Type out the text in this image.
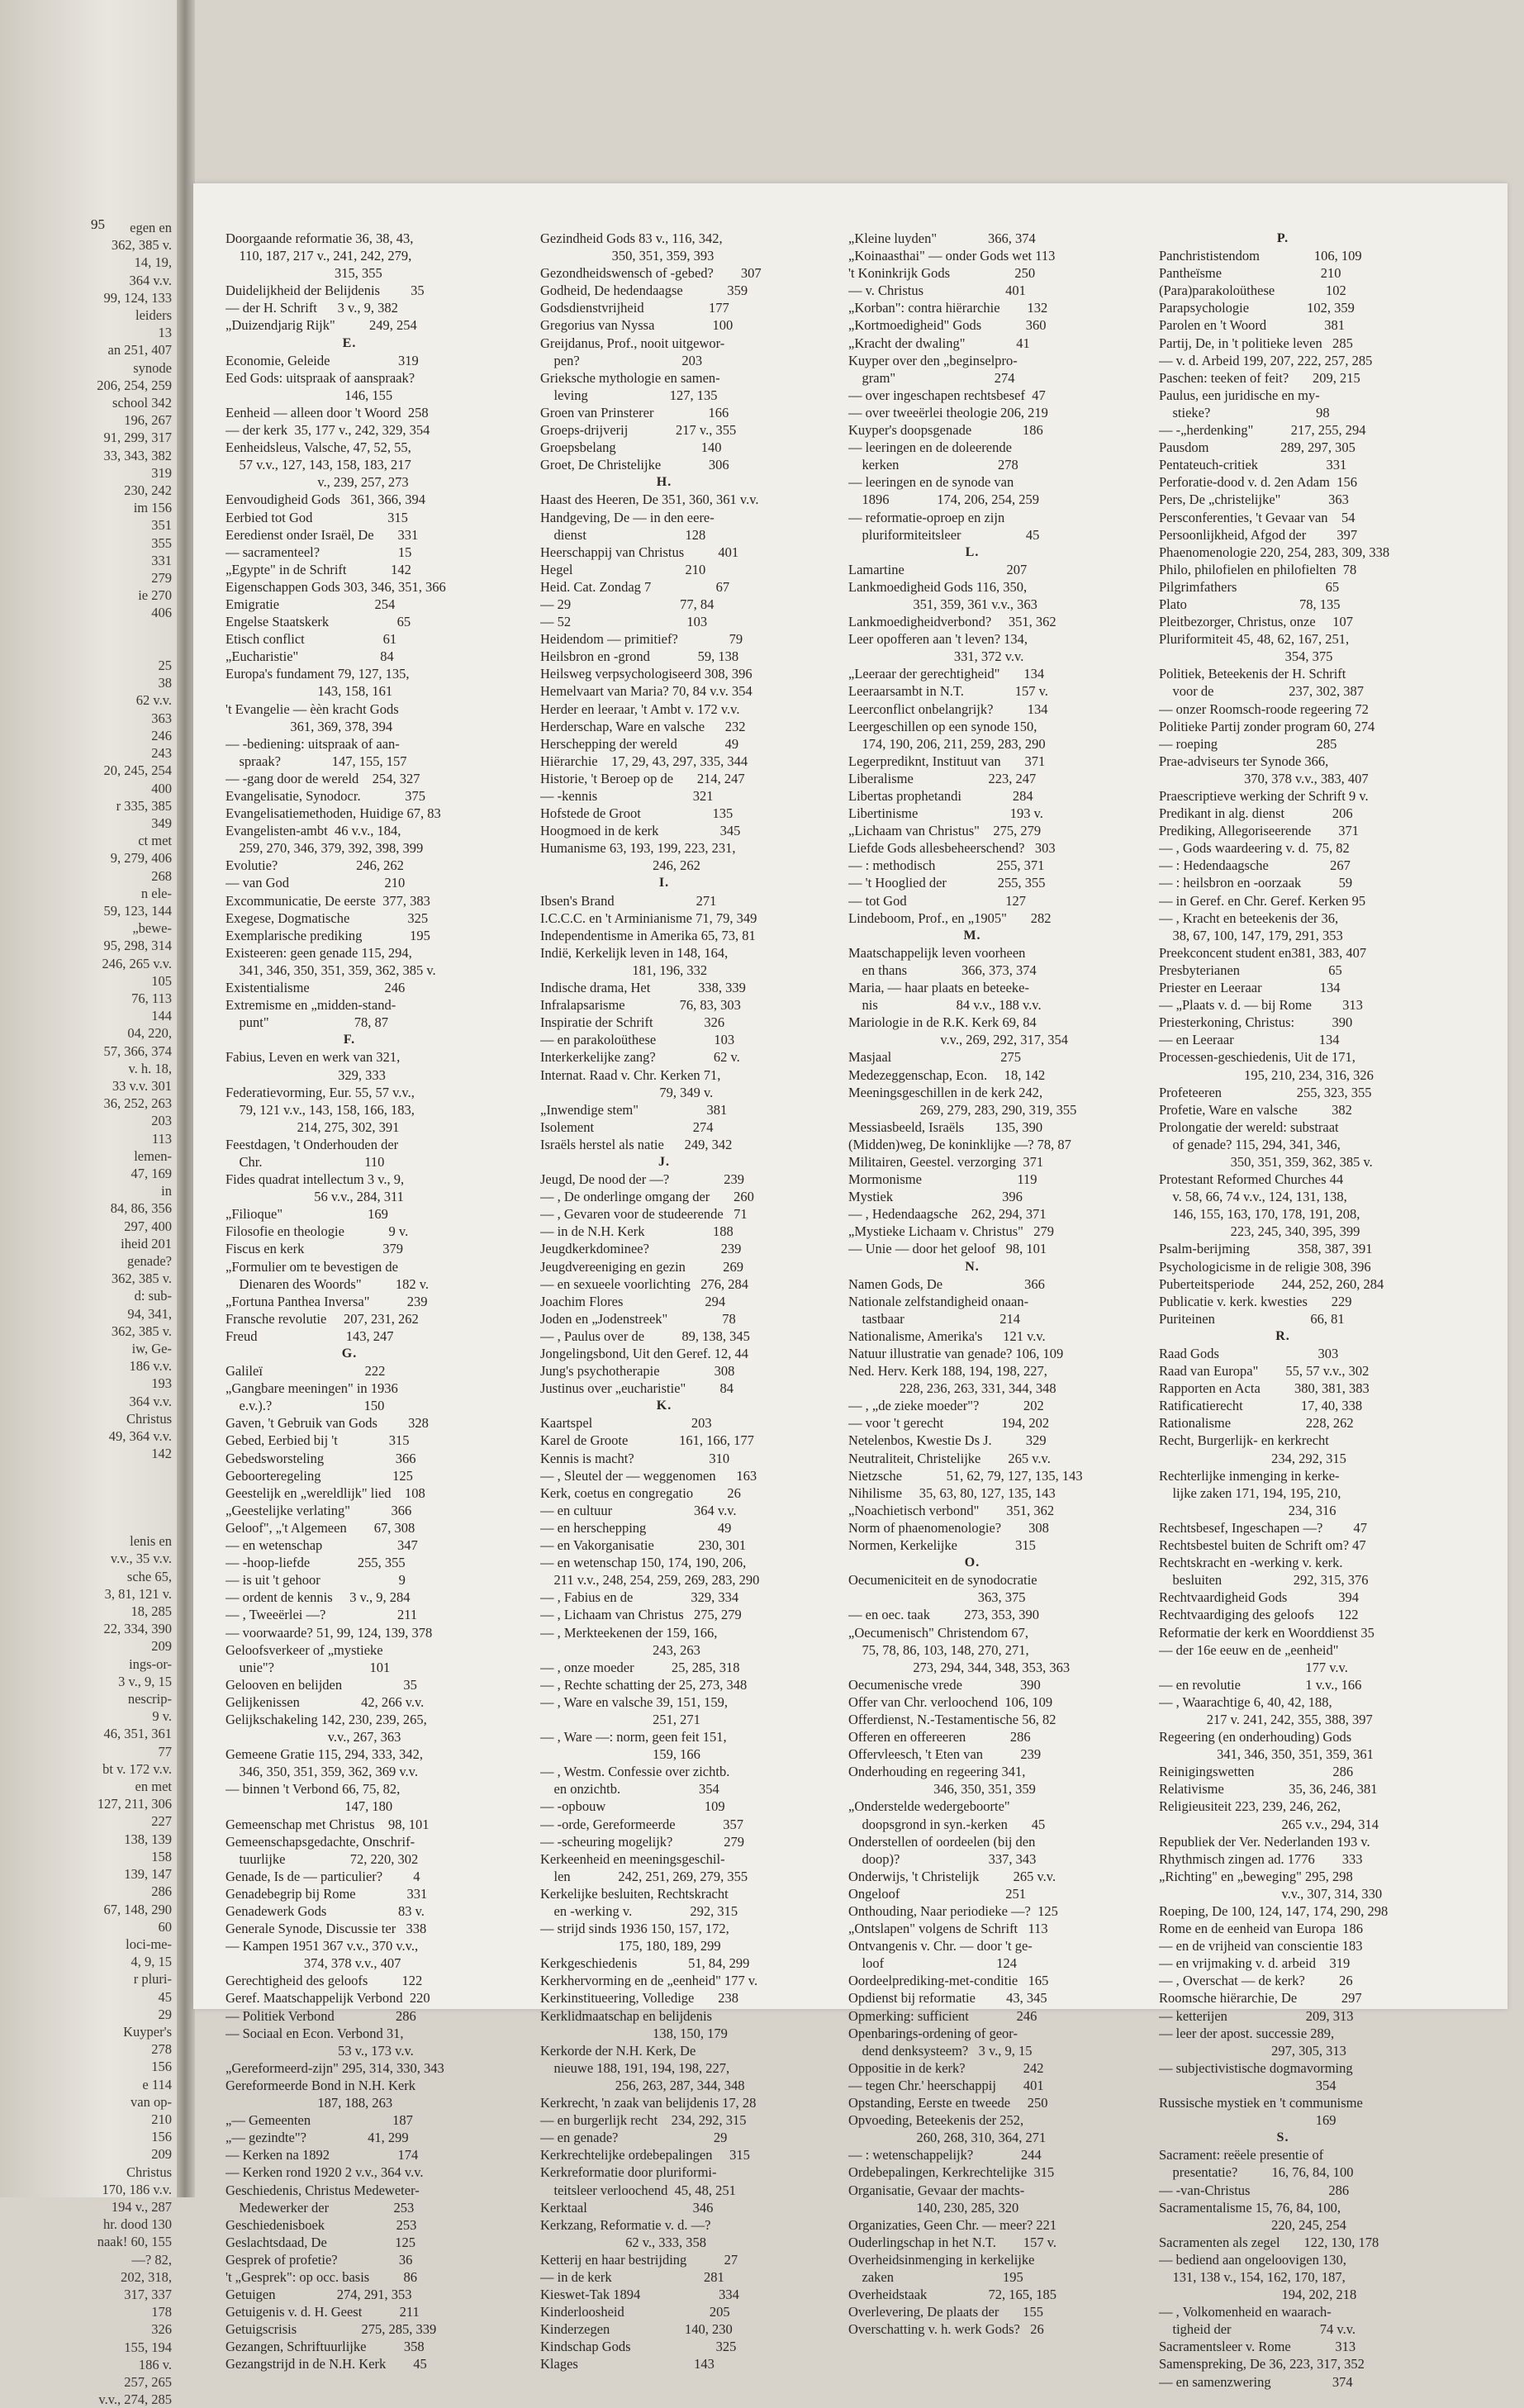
95	egen en
362, 385 v.
14, 19,
364 v.v.
99, 124, 133
leiders
13
an 251, 407
synode
206, 254, 259
school 342
196, 267
91, 299, 317
33, 343, 382
319
230, 242
im 156
351
355
331
279
ie 270
406

25
38
62 v.v.
363
246
243
20, 245, 254
400
r 335, 385
349
ct met
9, 279, 406
268
n ele-
59, 123, 144
„bewe-
95, 298, 314
246, 265 v.v.
105
76, 113
144
04, 220,
57, 366, 374
v. h. 18,
33 v.v. 301
36, 252, 263
203
113
lemen-
47, 169
in
84, 86, 356
297, 400
iheid 201
genade?
362, 385 v.
d: sub-
94, 341,
362, 385 v.
iw, Ge-
186 v.v.
193
364 v.v.
Christus
49, 364 v.v.
142

lenis en
v.v., 35 v.v.
sche 65,
3, 81, 121 v.
18, 285
22, 334, 390
209
ings-or-
3 v., 9, 15
nescrip-
9 v.
46, 351, 361
77
bt v. 172 v.v.
en met
127, 211, 306
227
138, 139
158
139, 147
286
67, 148, 290
60
loci-me-
4, 9, 15
r pluri-
45
29
Kuyper's
278
156
e 114
van op-
210
156
209
Christus
170, 186 v.v.
194 v., 287
hr. dood 130
naak! 60, 155
—? 82,
202, 318,
317, 337
178
326
155, 194
186 v.
257, 265
v.v., 274, 285
Doorgaande reformatie 36, 38, 43,
110, 187, 217 v., 241, 242, 279,
315, 355
Duidelijkheid der Belijdenis         35
— der H. Schrift      3 v., 9, 382
„Duizendjarig Rijk"          249, 254
E.
Economie, Geleide                    319
Eed Gods: uitspraak of aanspraak?
146, 155
Eenheid — alleen door 't Woord  258
— der kerk  35, 177 v., 242, 329, 354
Eenheidsleus, Valsche, 47, 52, 55,
57 v.v., 127, 143, 158, 183, 217
v., 239, 257, 273
Eenvoudigheid Gods   361, 366, 394
Eerbied tot God                      315
Eeredienst onder Israël, De       331
— sacramenteel?                       15
„Egypte" in de Schrift             142
Eigenschappen Gods 303, 346, 351, 366
Emigratie                            254
Engelse Staatskerk                    65
Etisch conflict                       61
„Eucharistie"                        84
Europa's fundament 79, 127, 135,
143, 158, 161
't Evangelie — èèn kracht Gods
361, 369, 378, 394
— -bediening: uitspraak of aan-
spraak?               147, 155, 157
— -gang door de wereld    254, 327
Evangelisatie, Synodocr.             375
Evangelisatiemethoden, Huidige 67, 83
Evangelisten-ambt  46 v.v., 184,
259, 270, 346, 379, 392, 398, 399
Evolutie?                       246, 262
— van God                            210
Excommunicatie, De eerste  377, 383
Exegese, Dogmatische                 325
Exemplarische prediking              195
Existeeren: geen genade 115, 294,
341, 346, 350, 351, 359, 362, 385 v.
Existentialisme                      246
Extremisme en „midden-stand-
punt"                         78, 87
F.
Fabius, Leven en werk van 321,
329, 333
Federatievorming, Eur. 55, 57 v.v.,
79, 121 v.v., 143, 158, 166, 183,
214, 275, 302, 391
Feestdagen, 't Onderhouden der
Chr.                              110
Fides quadrat intellectum 3 v., 9,
56 v.v., 284, 311
„Filioque"                         169
Filosofie en theologie             9 v.
Fiscus en kerk                       379
„Formulier om te bevestigen de
Dienaren des Woords"          182 v.
„Fortuna Panthea Inversa"           239
Fransche revolutie     207, 231, 262
Freud                          143, 247
G.
Galileï                              222
„Gangbare meeningen" in 1936
e.v.).?                           150
Gaven, 't Gebruik van Gods         328
Gebed, Eerbied bij 't               315
Gebedsworsteling                     366
Geboorteregeling                     125
Geestelijk en „wereldlijk" lied    108
„Geestelijke verlating"            366
Geloof", „'t Algemeen        67, 308
— en wetenschap                      347
— -hoop-liefde              255, 355
— is uit 't gehoor                       9
— ordent de kennis     3 v., 9, 284
— , Tweeërlei —?                     211
— voorwaarde? 51, 99, 124, 139, 378
Geloofsverkeer of „mystieke
unie"?                            101
Gelooven en belijden                  35
Gelijkenissen                  42, 266 v.v.
Gelijkschakeling 142, 230, 239, 265,
v.v., 267, 363
Gemeene Gratie 115, 294, 333, 342,
346, 350, 351, 359, 362, 369 v.v.
— binnen 't Verbond 66, 75, 82,
147, 180
Gemeenschap met Christus    98, 101
Gemeenschapsgedachte, Onschrif-
tuurlijke                   72, 220, 302
Genade, Is de — particulier?         4
Genadebegrip bij Rome               331
Genadewerk Gods                     83 v.
Generale Synode, Discussie ter   338
— Kampen 1951 367 v.v., 370 v.v.,
374, 378 v.v., 407
Gerechtigheid des geloofs          122
Geref. Maatschappelijk Verbond  220
— Politiek Verbond                  286
— Sociaal en Econ. Verbond 31,
53 v., 173 v.v.
„Gereformeerd-zijn" 295, 314, 330, 343
Gereformeerde Bond in N.H. Kerk
187, 188, 263
„— Gemeenten                        187
„— gezindte"?                  41, 299
— Kerken na 1892                    174
— Kerken rond 1920 2 v.v., 364 v.v.
Geschiedenis, Christus Medewеter-
Medewerker der                   253
Geschiedenisboek                     253
Geslachtsdaad, De                    125
Gesprek of profetie?                  36
't „Gesprek": op occ. basis          86
Getuigen                  274, 291, 353
Getuigenis v. d. H. Geest           211
Getuigscrisis                   275, 285, 339
Gezangen, Schriftuurlijke           358
Gezangstrijd in de N.H. Kerk        45
Gezindheid Gods 83 v., 116, 342,
350, 351, 359, 393
Gezondheidswensch of -gebed?        307
Godheid, De hedendaagse             359
Godsdienstvrijheid                   177
Gregorius van Nyssa                 100
Greijdanus, Prof., nooit uitgewor-
pen?                              203
Grieksche mythologie en samen-
leving                        127, 135
Groen van Prinsterer                166
Groeps-drijverij              217 v., 355
Groepsbelang                         140
Groet, De Christelijke              306
H.
Haast des Heeren, De 351, 360, 361 v.v.
Handgeving, De — in den eere-
dienst                             128
Heerschappij van Christus          401
Hegel                                 210
Heid. Cat. Zondag 7                   67
— 29                                77, 84
— 52                                  103
Heidendom — primitief?               79
Heilsbron en -grond              59, 138
Heilsweg verpsychologiseerd 308, 396
Hemelvaart van Maria? 70, 84 v.v. 354
Herder en leeraar, 't Ambt v. 172 v.v.
Herderschap, Ware en valsche      232
Herschepping der wereld              49
Hiërarchie    17, 29, 43, 297, 335, 344
Historie, 't Beroep op de       214, 247
— -kennis                            321
Hofstede de Groot                     135
Hoogmoed in de kerk                  345
Humanisme 63, 193, 199, 223, 231,
246, 262
I.
Ibsen's Brand                        271
I.C.C.C. en 't Arminianisme 71, 79, 349
Independentisme in Amerika 65, 73, 81
Indië, Kerkelijk leven in 148, 164,
181, 196, 332
Indische drama, Het              338, 339
Infralapsarisme                76, 83, 303
Inspiratie der Schrift               326
— en parakoloüthese                 103
Interkerkelijke zang?                 62 v.
Internat. Raad v. Chr. Kerken 71,
79, 349 v.
„Inwendige stem"                    381
Isolement                             274
Israëls herstel als natie      249, 342
J.
Jeugd, De nood der —?                239
— , De onderlinge omgang der       260
— , Gevaren voor de studeerende   71
— in de N.H. Kerk                    188
Jeugdkerkdominee?                     239
Jeugdvereeniging en gezin           269
— en sexueele voorlichting   276, 284
Joachim Flores                        294
Joden en „Jodenstreek"                78
— , Paulus over de           89, 138, 345
Jongelingsbond, Uit den Geref. 12, 44
Jung's psychotherapie                308
Justinus over „eucharistie"          84
K.
Kaartspel                             203
Karel de Groote               161, 166, 177
Kennis is macht?                      310
— , Sleutel der — weggenomen      163
Kerk, coetus en congregatio          26
— en cultuur                        364 v.v.
— en herschepping                     49
— en Vakorganisatie             230, 301
— en wetenschap 150, 174, 190, 206,
211 v.v., 248, 254, 259, 269, 283, 290
— , Fabius en de                 329, 334
— , Lichaam van Christus   275, 279
— , Merkteekenen der 159, 166,
243, 263
— , onze moeder           25, 285, 318
— , Rechte schatting der 25, 273, 348
— , Ware en valsche 39, 151, 159,
251, 271
— , Ware —: norm, geen feit 151,
159, 166
— , Westm. Confessie over zichtb.
en onzichtb.                       354
— -opbouw                             109
— -orde, Gereformeerde              357
— -scheuring mogelijk?               279
Kerkeenheid en meeningsgeschil-
len              242, 251, 269, 279, 355
Kerkelijke besluiten, Rechtskracht
en -werking v.                 292, 315
— strijd sinds 1936 150, 157, 172,
175, 180, 189, 299
Kerkgeschiedenis               51, 84, 299
Kerkhervorming en de „eenheid" 177 v.
Kerkinstitueering, Volledige       238
Kerklidmaatschap en belijdenis
138, 150, 179
Kerkorde der N.H. Kerk, De
nieuwe 188, 191, 194, 198, 227,
256, 263, 287, 344, 348
Kerkrecht, 'n zaak van belijdenis 17, 28
— en burgerlijk recht    234, 292, 315
— en genade?                            29
Kerkrechtelijke ordebepalingen     315
Kerkreformatie door pluriformi-
teitsleer verloochend  45, 48, 251
Kerktaal                               346
Kerkzang, Reformatie v. d. —?
62 v., 333, 358
Ketterij en haar bestrijding           27
— in de kerk                           281
Kieswet-Tak 1894                       334
Kinderloosheid                         205
Kinderzegen                      140, 230
Kindschap Gods                         325
Klages                                  143
„Kleine luyden"               366, 374
„Koinaasthai" — onder Gods wet 113
't Koninkrijk Gods                   250
— v. Christus                        401
„Korban": contra hiërarchie        132
„Kortmoedigheid" Gods             360
„Kracht der dwaling"               41
Kuyper over den „beginselpro-
gram"                             274
— over ingeschapen rechtsbesef  47
— over tweeërlei theologie 206, 219
Kuyper's doopsgenade               186
— leeringen en de doleerende
kerken                             278
— leeringen en de synode van
1896              174, 206, 254, 259
— reformatie-oproep en zijn
pluriformiteitsleer                   45
L.
Lamartine                              207
Lankmoedigheid Gods 116, 350,
351, 359, 361 v.v., 363
Lankmoedigheidverbond?     351, 362
Leer opofferen aan 't leven? 134,
331, 372 v.v.
„Leeraar der gerechtigheid"       134
Leeraarsambt in N.T.               157 v.
Leerconflict onbelangrijk?          134
Leergeschillen op een synode 150,
174, 190, 206, 211, 259, 283, 290
Legerprediknt, Instituut van       371
Liberalisme                      223, 247
Libertas prophetandi               284
Libertinisme                           193 v.
„Lichaam van Christus"    275, 279
Liefde Gods allesbeheerschend?   303
— : methodisch                  255, 371
— 't Hooglied der               255, 355
— tot God                             127
Lindeboom, Prof., en „1905"       282
M.
Maatschappelijk leven voorheen
en thans                366, 373, 374
Maria, — haar plaats en beteeke-
nis                       84 v.v., 188 v.v.
Mariologie in de R.K. Kerk 69, 84
v.v., 269, 292, 317, 354
Masjaal                                275
Medezeggenschap, Econ.     18, 142
Meeningsgeschillen in de kerk 242,
269, 279, 283, 290, 319, 355
Messiasbeeld, Israëls         135, 390
(Midden)weg, De koninklijke —? 78, 87
Militairen, Geestel. verzorging  371
Mormonisme                            119
Mystiek                                396
— , Hedendaagsche    262, 294, 371
„Mystieke Lichaam v. Christus"   279
— Unie — door het geloof   98, 101
N.
Namen Gods, De                        366
Nationale zelfstandigheid onaan-
tastbaar                            214
Nationalisme, Amerika's      121 v.v.
Natuur illustratie van genade? 106, 109
Ned. Herv. Kerk 188, 194, 198, 227,
228, 236, 263, 331, 344, 348
— , „de zieke moeder"?             202
— voor 't gerecht                 194, 202
Netelenbos, Kwestie Ds J.          329
Neutraliteit, Christelijke        265 v.v.
Nietzsche             51, 62, 79, 127, 135, 143
Nihilisme     35, 63, 80, 127, 135, 143
„Noachietisch verbond"        351, 362
Norm of phaenomenologie?        308
Normen, Kerkelijke                 315
O.
Oecumeniciteit en de synodocratie
363, 375
— en oec. taak          273, 353, 390
„Oecumenisch" Christendom 67,
75, 78, 86, 103, 148, 270, 271,
273, 294, 344, 348, 353, 363
Oecumenische vrede                 390
Offer van Chr. verloochend  106, 109
Offerdienst, N.-Testamentische 56, 82
Offeren en offereeren             286
Offervleesch, 't Eten van           239
Onderhouding en regeering 341,
346, 350, 351, 359
„Onderstelde wedergeboorte"
doopsgrond in syn.-kerken       45
Onderstellen of oordeelen (bij den
doop)?                          337, 343
Onderwijs, 't Christelijk          265 v.v.
Ongeloof                               251
Onthouding, Naar periodieke —?  125
„Ontslapen" volgens de Schrift   113
Ontvangenis v. Chr. — door 't ge-
loof                                 124
Oordeelprediking-met-conditie   165
Opdienst bij reformatie         43, 345
Opmerking: sufficient              246
Openbarings-ordening of geor-
dend denksysteem?   3 v., 9, 15
Oppositie in de kerk?                 242
— tegen Chr.' heerschappij        401
Opstanding, Eerste en tweede     250
Opvoeding, Beteekenis der 252,
260, 268, 310, 364, 271
— : wetenschappelijk?              244
Ordebepalingen, Kerkrechtelijke  315
Organisatie, Gevaar der machts-
140, 230, 285, 320
Organizaties, Geen Chr. — meer? 221
Ouderlingschap in het N.T.        157 v.
Overheidsinmenging in kerkelijke
zaken                                195
Overheidstaak                  72, 165, 185
Overlevering, De plaats der       155
Overschatting v. h. werk Gods?   26
P.
Panchrististendom                106, 109
Pantheïsme                             210
(Para)parakoloüthese               102
Parapsychologie                 102, 359
Parolen en 't Woord                 381
Partij, De, in 't politieke leven   285
— v. d. Arbeid 199, 207, 222, 257, 285
Paschen: teeken of feit?       209, 215
Paulus, een juridische en my-
stieke?                               98
— -„herdenking"           217, 255, 294
Pausdom                     289, 297, 305
Pentateuch-critiek                    331
Perforatie-dood v. d. 2en Adam  156
Pers, De „christelijke"              363
Persconferenties, 't Gevaar van    54
Persoonlijkheid, Afgod der         397
Phaenomenologie 220, 254, 283, 309, 338
Philo, philofielen en philofielten  78
Pilgrimfathers                          65
Plato                                 78, 135
Pleitbezorger, Christus, onze     107
Pluriformiteit 45, 48, 62, 167, 251,
354, 375
Politiek, Beteekenis der H. Schrift
voor de                      237, 302, 387
— onzer Roomsch-roode regeering 72
Politieke Partij zonder program 60, 274
— roeping                             285
Prae-adviseurs ter Synode 366,
370, 378 v.v., 383, 407
Praescriptieve werking der Schrift 9 v.
Predikant in alg. dienst              206
Prediking, Allegoriseerende        371
— , Gods waardeering v. d.  75, 82
— : Hedendaagsche                  267
— : heilsbron en -oorzaak           59
— in Geref. en Chr. Geref. Kerken 95
— , Kracht en beteekenis der 36,
38, 67, 100, 147, 179, 291, 353
Preekconcent student en381, 383, 407
Presbyterianen                          65
Priester en Leeraar                 134
— „Plaats v. d. — bij Rome         313
Priesterkoning, Christus:           390
— en Leeraar                         134
Processen-geschiedenis, Uit de 171,
195, 210, 234, 316, 326
Profeteeren                      255, 323, 355
Profetie, Ware en valsche          382
Prolongatie der wereld: substraat
of genade? 115, 294, 341, 346,
350, 351, 359, 362, 385 v.
Protestant Reformed Churches 44
v. 58, 66, 74 v.v., 124, 131, 138,
146, 155, 163, 170, 178, 191, 208,
223, 245, 340, 395, 399
Psalm-berijming              358, 387, 391
Psychologicisme in de religie 308, 396
Puberteitsperiode        244, 252, 260, 284
Publicatie v. kerk. kwesties       229
Puriteinen                            66, 81
R.
Raad Gods                             303
Raad van Europa"        55, 57 v.v., 302
Rapporten en Acta          380, 381, 383
Ratificatierecht                 17, 40, 338
Rationalisme                      228, 262
Recht, Burgerlijk- en kerkrecht
234, 292, 315
Rechterlijke inmenging in kerke-
lijke zaken 171, 194, 195, 210,
234, 316
Rechtsbesef, Ingeschapen —?         47
Rechtsbestel buiten de Schrift om? 47
Rechtskracht en -werking v. kerk.
besluiten                     292, 315, 376
Rechtvaardigheid Gods               394
Rechtvaardiging des geloofs       122
Reformatie der kerk en Woorddienst 35
— der 16e eeuw en de „eenheid"
177 v.v.
— en revolutie                   1 v.v., 166
— , Waarachtige 6, 40, 42, 188,
217 v. 241, 242, 355, 388, 397
Regeering (en onderhouding) Gods
341, 346, 350, 351, 359, 361
Reinigingswetten                       286
Relativisme                   35, 36, 246, 381
Religieusiteit 223, 239, 246, 262,
265 v.v., 294, 314
Republiek der Ver. Nederlanden 193 v.
Rhythmisch zingen ad. 1776        333
„Richting" en „beweging" 295, 298
v.v., 307, 314, 330
Roeping, De 100, 124, 147, 174, 290, 298
Rome en de eenheid van Europa  186
— en de vrijheid van conscientie 183
— en vrijmaking v. d. arbeid    319
— , Overschat — de kerk?          26
Roomsche hiërarchie, De             297
— ketterijen                       209, 313
— leer der apost. successie 289,
297, 305, 313
— subjectivistische dogmavorming
354
Russische mystiek en 't communisme
169
S.
Sacrament: reëele presentie of
presentatie?          16, 76, 84, 100
— -van-Christus                       286
Sacramentalisme 15, 76, 84, 100,
220, 245, 254
Sacramenten als zegel       122, 130, 178
— bediend aan ongeloovigen 130,
131, 138 v., 154, 162, 170, 187,
194, 202, 218
— , Volkomenheid en waarach-
tigheid der                          74 v.v.
Sacramentsleer v. Rome             313
Samenspreking, De 36, 223, 317, 352
— en samenzwering                  374
